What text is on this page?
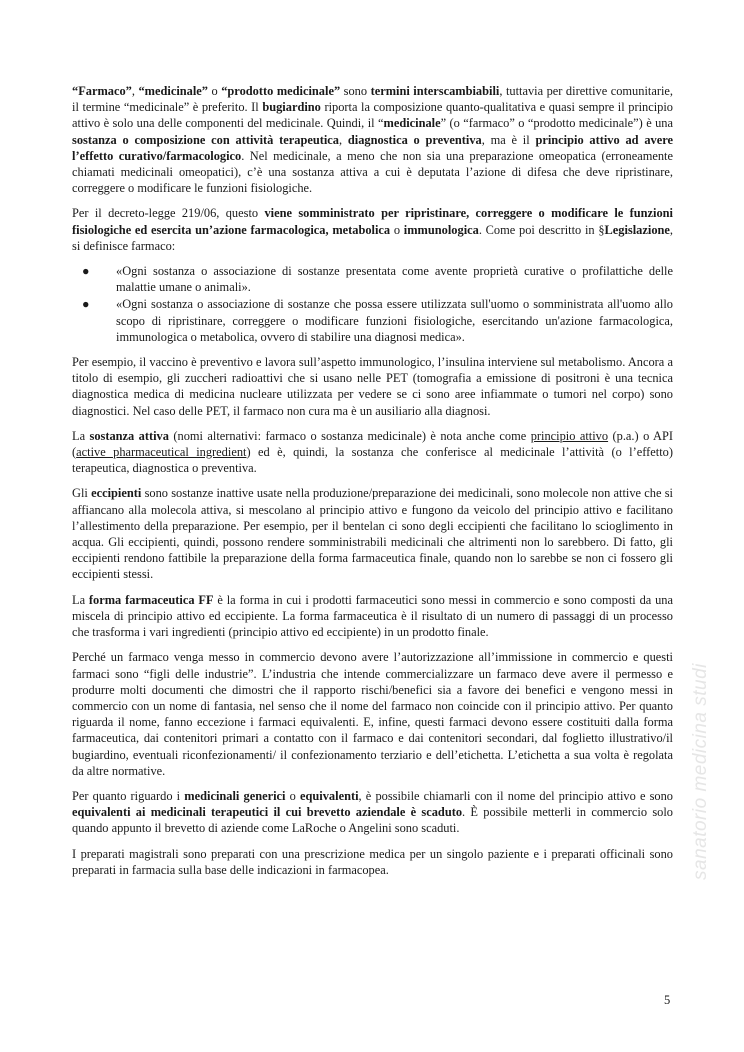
“Farmaco”, “medicinale” o “prodotto medicinale” sono termini interscambiabili, tuttavia per direttive comunitarie, il termine “medicinale” è preferito. Il bugiardino riporta la composizione quanto-qualitativa e quasi sempre il principio attivo è solo una delle componenti del medicinale. Quindi, il “medicinale” (o “farmaco” o “prodotto medicinale”) è una sostanza o composizione con attività terapeutica, diagnostica o preventiva, ma è il principio attivo ad avere l’effetto curativo/farmacologico. Nel medicinale, a meno che non sia una preparazione omeopatica (erroneamente chiamati medicinali omeopatici), c’è una sostanza attiva a cui è deputata l’azione di difesa che deve ripristinare, correggere o modificare le funzioni fisiologiche.

Per il decreto-legge 219/06, questo viene somministrato per ripristinare, correggere o modificare le funzioni fisiologiche ed esercita un’azione farmacologica, metabolica o immunologica. Come poi descritto in §Legislazione, si definisce farmaco:

● «Ogni sostanza o associazione di sostanze presentata come avente proprietà curative o profilattiche delle malattie umane o animali».
● «Ogni sostanza o associazione di sostanze che possa essere utilizzata sull'uomo o somministrata all'uomo allo scopo di ripristinare, correggere o modificare funzioni fisiologiche, esercitando un'azione farmacologica, immunologica o metabolica, ovvero di stabilire una diagnosi medica».

Per esempio, il vaccino è preventivo e lavora sull’aspetto immunologico, l’insulina interviene sul metabolismo. Ancora a titolo di esempio, gli zuccheri radioattivi che si usano nelle PET (tomografia a emissione di positroni è una tecnica diagnostica medica di medicina nucleare utilizzata per vedere se ci sono aree infiammate o tumori nel corpo) sono diagnostici. Nel caso delle PET, il farmaco non cura ma è un ausiliario alla diagnosi.

La sostanza attiva (nomi alternativi: farmaco o sostanza medicinale) è nota anche come principio attivo (p.a.) o API (active pharmaceutical ingredient) ed è, quindi, la sostanza che conferisce al medicinale l’attività (o l’effetto) terapeutica, diagnostica o preventiva.

Gli eccipienti sono sostanze inattive usate nella produzione/preparazione dei medicinali, sono molecole non attive che si affiancano alla molecola attiva, si mescolano al principio attivo e fungono da veicolo del principio attivo e facilitano l’allestimento della preparazione. Per esempio, per il bentelan ci sono degli eccipienti che facilitano lo scioglimento in acqua. Gli eccipienti, quindi, possono rendere somministrabili medicinali che altrimenti non lo sarebbero. Di fatto, gli eccipienti rendono fattibile la preparazione della forma farmaceutica finale, quando non lo sarebbe se non ci fossero gli eccipienti stessi.

La forma farmaceutica FF è la forma in cui i prodotti farmaceutici sono messi in commercio e sono composti da una miscela di principio attivo ed eccipiente. La forma farmaceutica è il risultato di un numero di passaggi di un processo che trasforma i vari ingredienti (principio attivo ed eccipiente) in un prodotto finale.

Perché un farmaco venga messo in commercio devono avere l’autorizzazione all’immissione in commercio e questi farmaci sono “figli delle industrie”. L’industria che intende commercializzare un farmaco deve avere il permesso e produrre molti documenti che dimostri che il rapporto rischi/benefici sia a favore dei benefici e vengono messi in commercio con un nome di fantasia, nel senso che il nome del farmaco non coincide con il principio attivo. Per quanto riguarda il nome, fanno eccezione i farmaci equivalenti. E, infine, questi farmaci devono essere costituiti dalla forma farmaceutica, dai contenitori primari a contatto con il farmaco e dai contenitori secondari, dal foglietto illustrativo/il bugiardino, eventuali riconfezionamenti/ il confezionamento terziario e dell’etichetta. L’etichetta a sua volta è regolata da altre normative.

Per quanto riguardo i medicinali generici o equivalenti, è possibile chiamarli con il nome del principio attivo e sono equivalenti ai medicinali terapeutici il cui brevetto aziendale è scaduto. È possibile metterli in commercio solo quando appunto il brevetto di aziende come LaRoche o Angelini sono scaduti.

I preparati magistrali sono preparati con una prescrizione medica per un singolo paziente e i preparati officinali sono preparati in farmacia sulla base delle indicazioni in farmacopea.

5
sanatorio medicina studi
